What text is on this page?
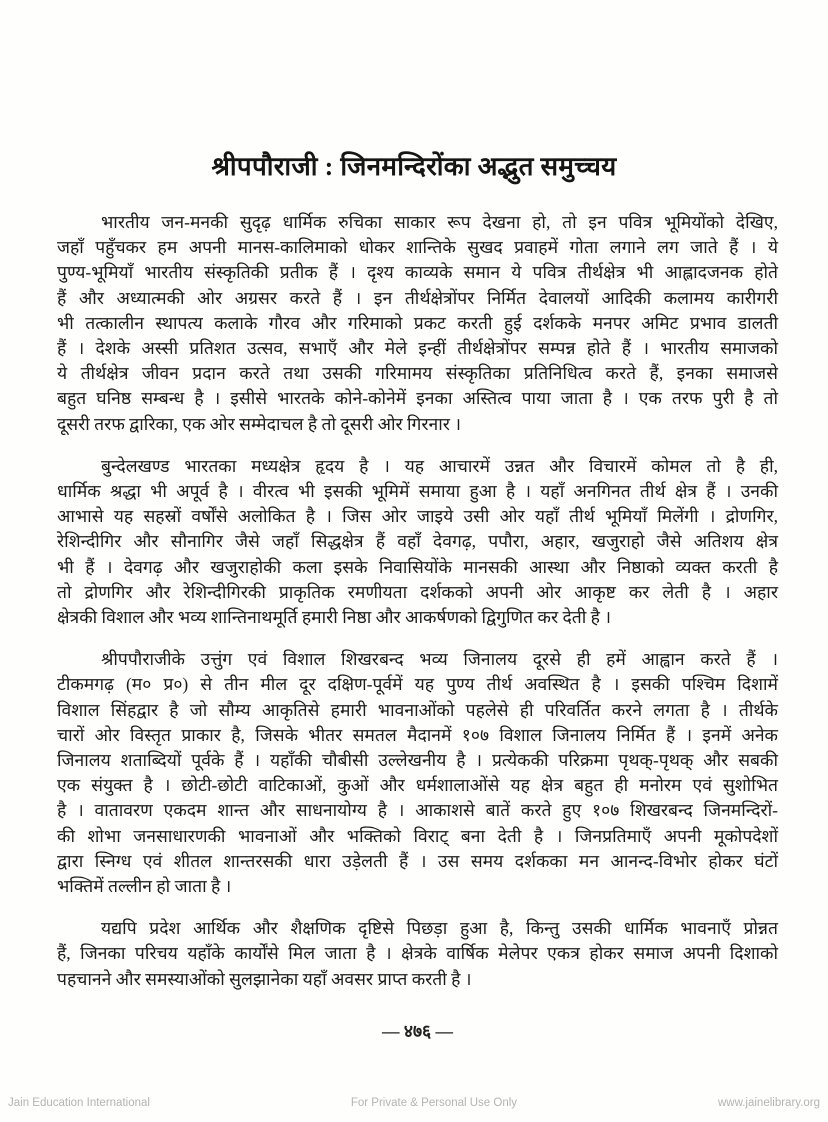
श्रीपपौराजी : जिनमन्दिरोंका अद्भुत समुच्चय
भारतीय जन-मनकी सुदृढ़ धार्मिक रुचिका साकार रूप देखना हो, तो इन पवित्र भूमियोंको देखिए,
जहाँ पहुँचकर हम अपनी मानस-कालिमाको धोकर शान्तिके सुखद प्रवाहमें गोता लगाने लग जाते हैं । ये
पुण्य-भूमियाँ भारतीय संस्कृतिकी प्रतीक हैं । दृश्य काव्यके समान ये पवित्र तीर्थक्षेत्र भी आह्लादजनक होते
हैं और अध्यात्मकी ओर अग्रसर करते हैं । इन तीर्थक्षेत्रोंपर निर्मित देवालयों आदिकी कलामय कारीगरी
भी तत्कालीन स्थापत्य कलाके गौरव और गरिमाको प्रकट करती हुई दर्शकके मनपर अमिट प्रभाव डालती
हैं । देशके अस्सी प्रतिशत उत्सव, सभाएँ और मेले इन्हीं तीर्थक्षेत्रोंपर सम्पन्न होते हैं । भारतीय समाजको
ये तीर्थक्षेत्र जीवन प्रदान करते तथा उसकी गरिमामय संस्कृतिका प्रतिनिधित्व करते हैं, इनका समाजसे
बहुत घनिष्ठ सम्बन्ध है । इसीसे भारतके कोने-कोनेमें इनका अस्तित्व पाया जाता है । एक तरफ पुरी है तो
दूसरी तरफ द्वारिका, एक ओर सम्मेदाचल है तो दूसरी ओर गिरनार ।
बुन्देलखण्ड भारतका मध्यक्षेत्र हृदय है । यह आचारमें उन्नत और विचारमें कोमल तो है ही,
धार्मिक श्रद्धा भी अपूर्व है । वीरत्व भी इसकी भूमिमें समाया हुआ है । यहाँ अनगिनत तीर्थ क्षेत्र हैं । उनकी
आभासे यह सहस्रों वर्षोंसे अलोकित है । जिस ओर जाइये उसी ओर यहाँ तीर्थ भूमियाँ मिलेंगी । द्रोणगिर,
रेशिन्दीगिर और सौनागिर जैसे जहाँ सिद्धक्षेत्र हैं वहाँ देवगढ़, पपौरा, अहार, खजुराहो जैसे अतिशय क्षेत्र
भी हैं । देवगढ़ और खजुराहोकी कला इसके निवासियोंके मानसकी आस्था और निष्ठाको व्यक्त करती है
तो द्रोणगिर और रेशिन्दीगिरकी प्राकृतिक रमणीयता दर्शकको अपनी ओर आकृष्ट कर लेती है । अहार
क्षेत्रकी विशाल और भव्य शान्तिनाथमूर्ति हमारी निष्ठा और आकर्षणको द्विगुणित कर देती है ।
श्रीपपौराजीके उत्तुंग एवं विशाल शिखरबन्द भव्य जिनालय दूरसे ही हमें आह्वान करते हैं ।
टीकमगढ़ (म० प्र०) से तीन मील दूर दक्षिण-पूर्वमें यह पुण्य तीर्थ अवस्थित है । इसकी पश्चिम दिशामें
विशाल सिंहद्वार है जो सौम्य आकृतिसे हमारी भावनाओंको पहलेसे ही परिवर्तित करने लगता है । तीर्थके
चारों ओर विस्तृत प्राकार है, जिसके भीतर समतल मैदानमें १०७ विशाल जिनालय निर्मित हैं । इनमें अनेक
जिनालय शताब्दियों पूर्वके हैं । यहाँकी चौबीसी उल्लेखनीय है । प्रत्येककी परिक्रमा पृथक्-पृथक् और सबकी
एक संयुक्त है । छोटी-छोटी वाटिकाओं, कुओं और धर्मशालाओंसे यह क्षेत्र बहुत ही मनोरम एवं सुशोभित
है । वातावरण एकदम शान्त और साधनायोग्य है । आकाशसे बातें करते हुए १०७ शिखरबन्द जिनमन्दिरों-
की शोभा जनसाधारणकी भावनाओं और भक्तिको विराट् बना देती है । जिनप्रतिमाएँ अपनी मूकोपदेशों
द्वारा स्निग्ध एवं शीतल शान्तरसकी धारा उड़ेलती हैं । उस समय दर्शकका मन आनन्द-विभोर होकर घंटों
भक्तिमें तल्लीन हो जाता है ।
यद्यपि प्रदेश आर्थिक और शैक्षणिक दृष्टिसे पिछड़ा हुआ है, किन्तु उसकी धार्मिक भावनाएँ प्रोन्नत
हैं, जिनका परिचय यहाँके कार्योंसे मिल जाता है । क्षेत्रके वार्षिक मेलेपर एकत्र होकर समाज अपनी दिशाको
पहचानने और समस्याओंको सुलझानेका यहाँ अवसर प्राप्त करती है ।
— ४७६ —
Jain Education International	For Private & Personal Use Only	www.jainelibrary.org
